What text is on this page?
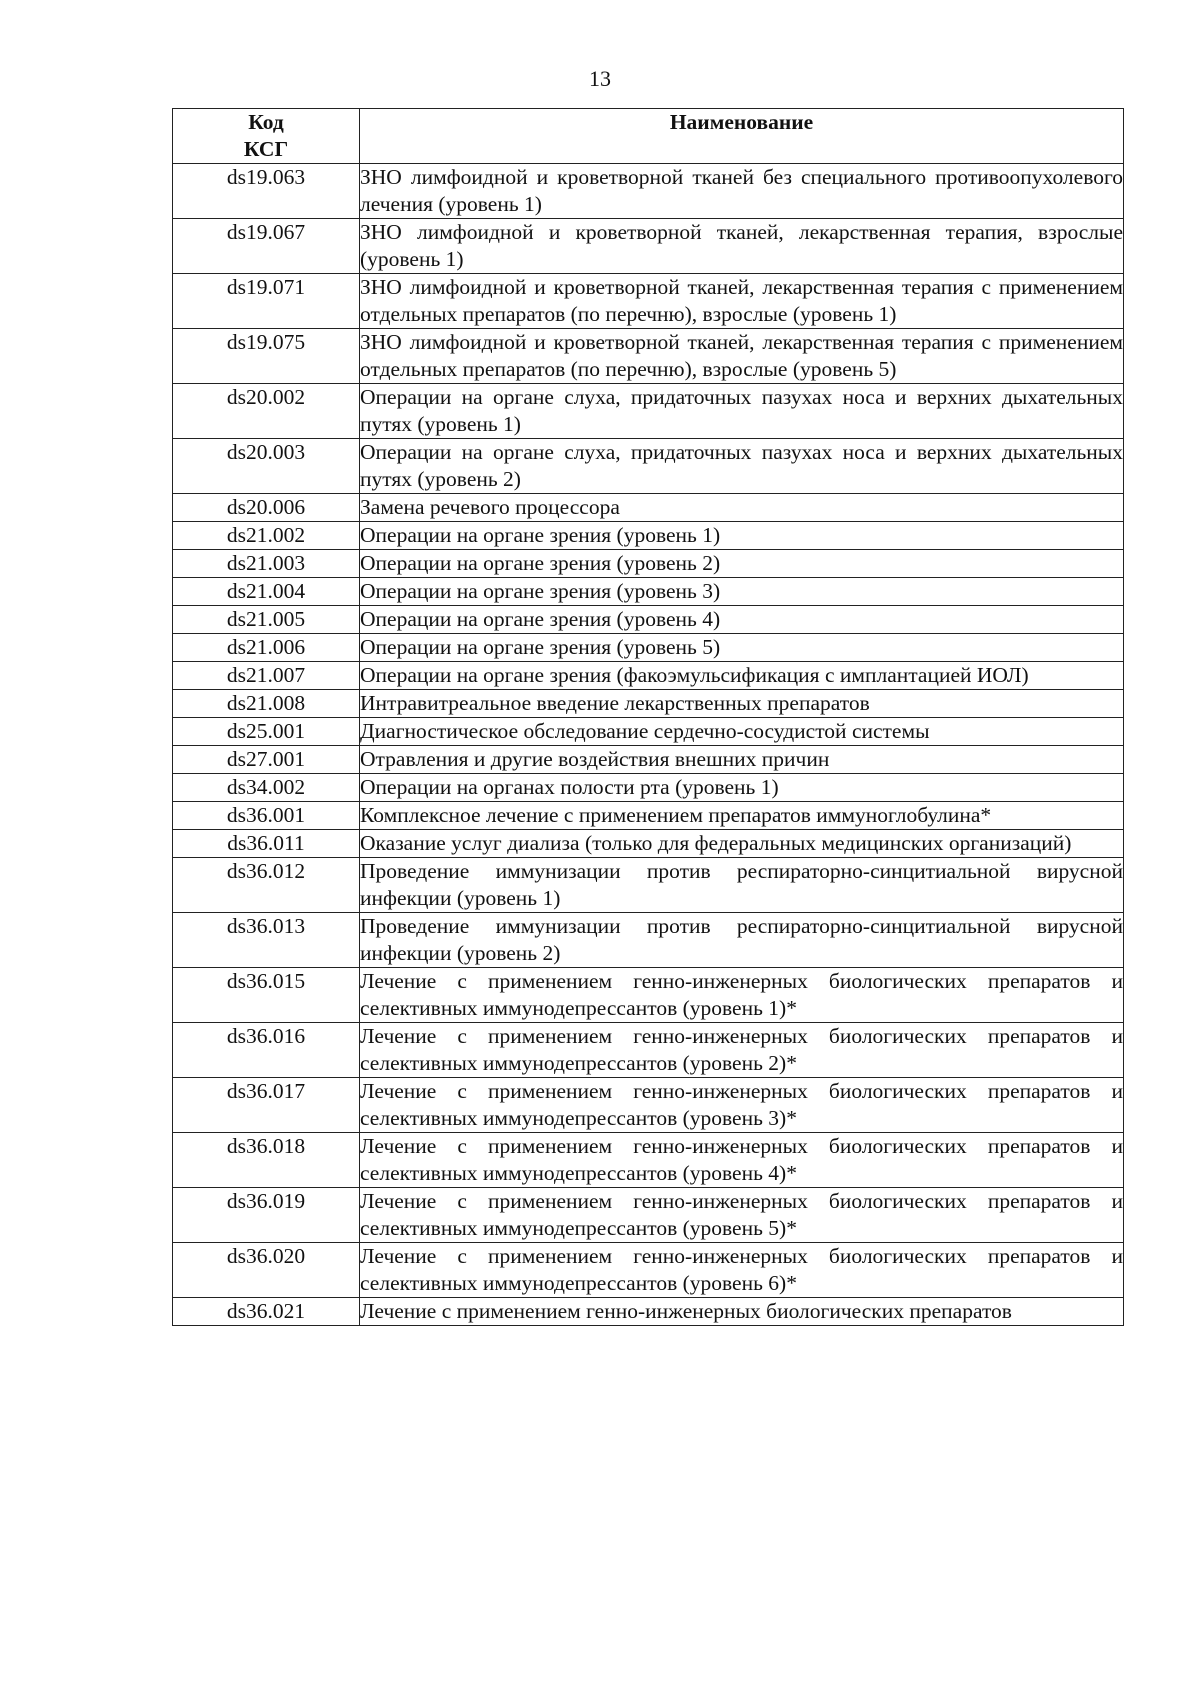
13
Код
КСГ	Наименование
ds19.063	ЗНО лимфоидной и кроветворной тканей без специального противоопухолевого лечения (уровень 1)
ds19.067	ЗНО лимфоидной и кроветворной тканей, лекарственная терапия, взрослые (уровень 1)
ds19.071	ЗНО лимфоидной и кроветворной тканей, лекарственная терапия с применением отдельных препаратов (по перечню), взрослые (уровень 1)
ds19.075	ЗНО лимфоидной и кроветворной тканей, лекарственная терапия с применением отдельных препаратов (по перечню), взрослые (уровень 5)
ds20.002	Операции на органе слуха, придаточных пазухах носа и верхних дыхательных путях (уровень 1)
ds20.003	Операции на органе слуха, придаточных пазухах носа и верхних дыхательных путях (уровень 2)
ds20.006	Замена речевого процессора
ds21.002	Операции на органе зрения (уровень 1)
ds21.003	Операции на органе зрения (уровень 2)
ds21.004	Операции на органе зрения (уровень 3)
ds21.005	Операции на органе зрения (уровень 4)
ds21.006	Операции на органе зрения (уровень 5)
ds21.007	Операции на органе зрения (факоэмульсификация с имплантацией ИОЛ)
ds21.008	Интравитреальное введение лекарственных препаратов
ds25.001	Диагностическое обследование сердечно-сосудистой системы
ds27.001	Отравления и другие воздействия внешних причин
ds34.002	Операции на органах полости рта (уровень 1)
ds36.001	Комплексное лечение с применением препаратов иммуноглобулина*
ds36.011	Оказание услуг диализа (только для федеральных медицинских организаций)
ds36.012	Проведение иммунизации против респираторно-синцитиальной вирусной инфекции (уровень 1)
ds36.013	Проведение иммунизации против респираторно-синцитиальной вирусной инфекции (уровень 2)
ds36.015	Лечение с применением генно-инженерных биологических препаратов и селективных иммунодепрессантов (уровень 1)*
ds36.016	Лечение с применением генно-инженерных биологических препаратов и селективных иммунодепрессантов (уровень 2)*
ds36.017	Лечение с применением генно-инженерных биологических препаратов и селективных иммунодепрессантов (уровень 3)*
ds36.018	Лечение с применением генно-инженерных биологических препаратов и селективных иммунодепрессантов (уровень 4)*
ds36.019	Лечение с применением генно-инженерных биологических препаратов и селективных иммунодепрессантов (уровень 5)*
ds36.020	Лечение с применением генно-инженерных биологических препаратов и селективных иммунодепрессантов (уровень 6)*
ds36.021	Лечение с применением генно-инженерных биологических препаратов
